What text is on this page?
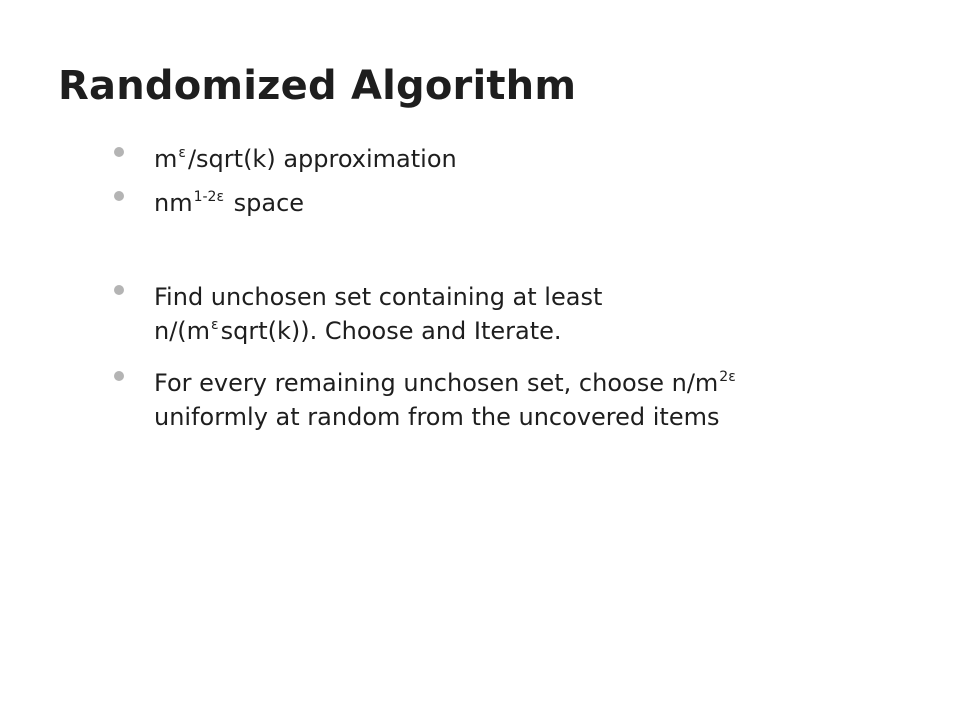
Randomized Algorithm

$m^\varepsilon/sqrt(k)$ approximation

$nm^{1-2\varepsilon}$ space

Find unchosen set containing at least
$n/(m^\varepsilon sqrt(k))$. Choose and Iterate.

For every remaining unchosen set, choose $n/m^{2\varepsilon}$
uniformly at random from the uncovered items
